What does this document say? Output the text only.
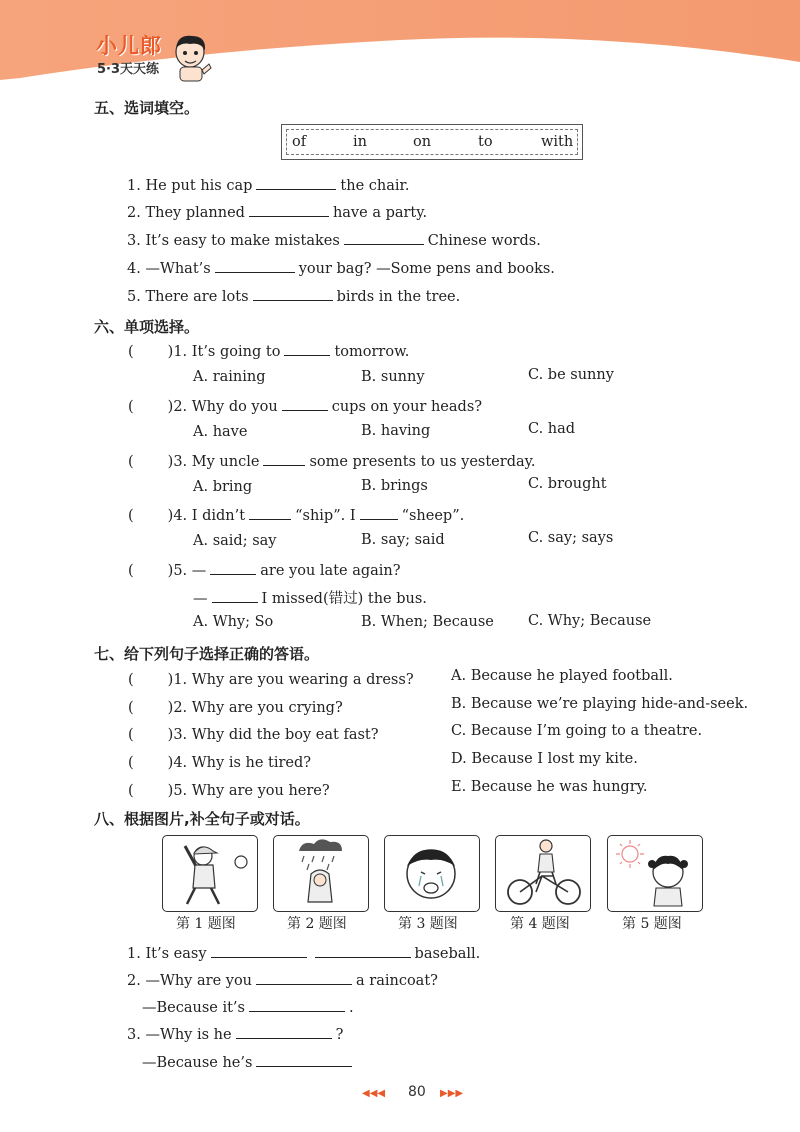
小儿郎
5·3天天练
五、选词填空。
of	in	on	to	with
1. He put his cap	the chair.
2. They planned	have a party.
3. It’s easy to make mistakes	Chinese words.
4. —What’s	your bag? —Some pens and books.
5. There are lots	birds in the tree.
六、单项选择。
( )1. It’s going to	tomorrow.
A. raining	B. sunny	C. be sunny
( )2. Why do you	cups on your heads?
A. have	B. having	C. had
( )3. My uncle	some presents to us yesterday.
A. bring	B. brings	C. brought
( )4. I didn’t	“ship”. I	“sheep”.
A. said; say	B. say; said	C. say; says
( )5. —	are you late again?
—	I missed(错过) the bus.
A. Why; So	B. When; Because C. Why; Because
七、给下列句子选择正确的答语。
( )1. Why are you wearing a dress?
( )2. Why are you crying?
( )3. Why did the boy eat fast?
( )4. Why is he tired?
( )5. Why are you here?
A. Because he played football.
B. Because we’re playing hide-and-seek.
C. Because I’m going to a theatre.
D. Because I lost my kite.
E. Because he was hungry.
八、根据图片,补全句子或对话。
第 1 题图	第 2 题图	第 3 题图	第 4 题图	第 5 题图
1. It’s easy	baseball.
2. —Why are you	a raincoat?
—Because it’s	.
3. —Why is he	?
—Because he’s
◀◀◀ 80 ▶▶▶
